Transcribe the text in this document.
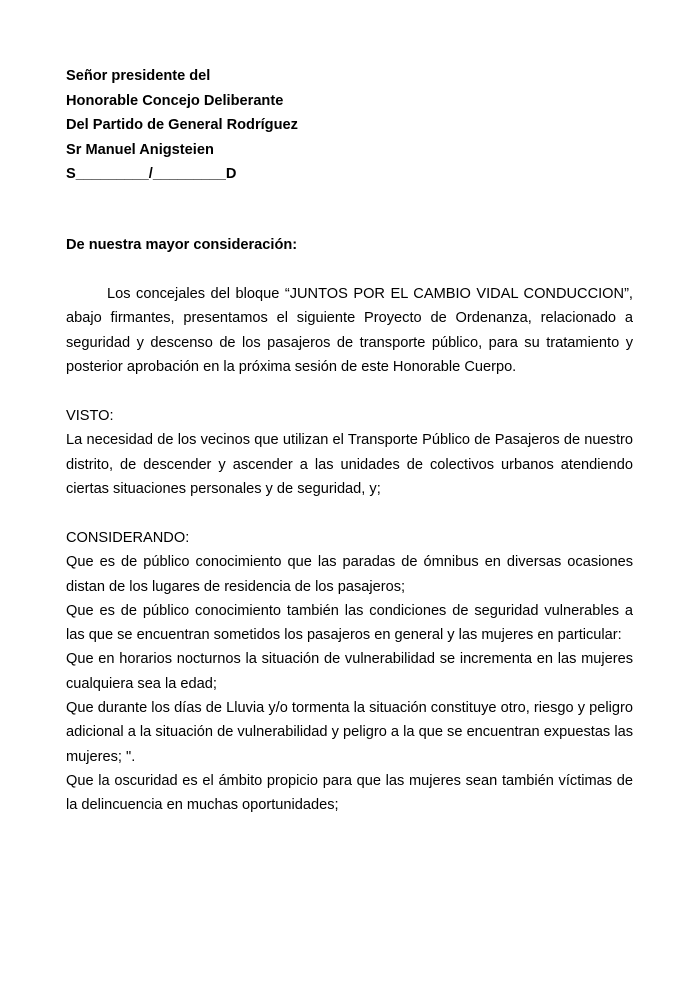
Señor presidente del
Honorable Concejo Deliberante
Del Partido de General Rodríguez
Sr Manuel Anigsteien
S_________/_________D
De nuestra mayor consideración:

Los concejales del bloque “JUNTOS POR EL CAMBIO VIDAL CONDUCCION”, abajo firmantes, presentamos el siguiente Proyecto de Ordenanza, relacionado a seguridad y descenso de los pasajeros de transporte público, para su tratamiento y posterior aprobación en la próxima sesión de este Honorable Cuerpo.

VISTO:

La necesidad de los vecinos que utilizan el Transporte Público de Pasajeros de nuestro distrito, de descender y ascender a las unidades de colectivos urbanos atendiendo ciertas situaciones personales y de seguridad, y;

CONSIDERANDO:

Que es de público conocimiento que las paradas de ómnibus en diversas ocasiones distan de los lugares de residencia de los pasajeros;

Que es de público conocimiento también las condiciones de seguridad vulnerables a las que se encuentran sometidos los pasajeros en general y las mujeres en particular:

Que en horarios nocturnos la situación de vulnerabilidad se incrementa en las mujeres cualquiera sea la edad;

Que durante los días de Lluvia y/o tormenta la situación constituye otro, riesgo y peligro adicional a la situación de vulnerabilidad y peligro a la que se encuentran expuestas las mujeres; ".

Que la oscuridad es el ámbito propicio para que las mujeres sean también víctimas de la delincuencia en muchas oportunidades;
